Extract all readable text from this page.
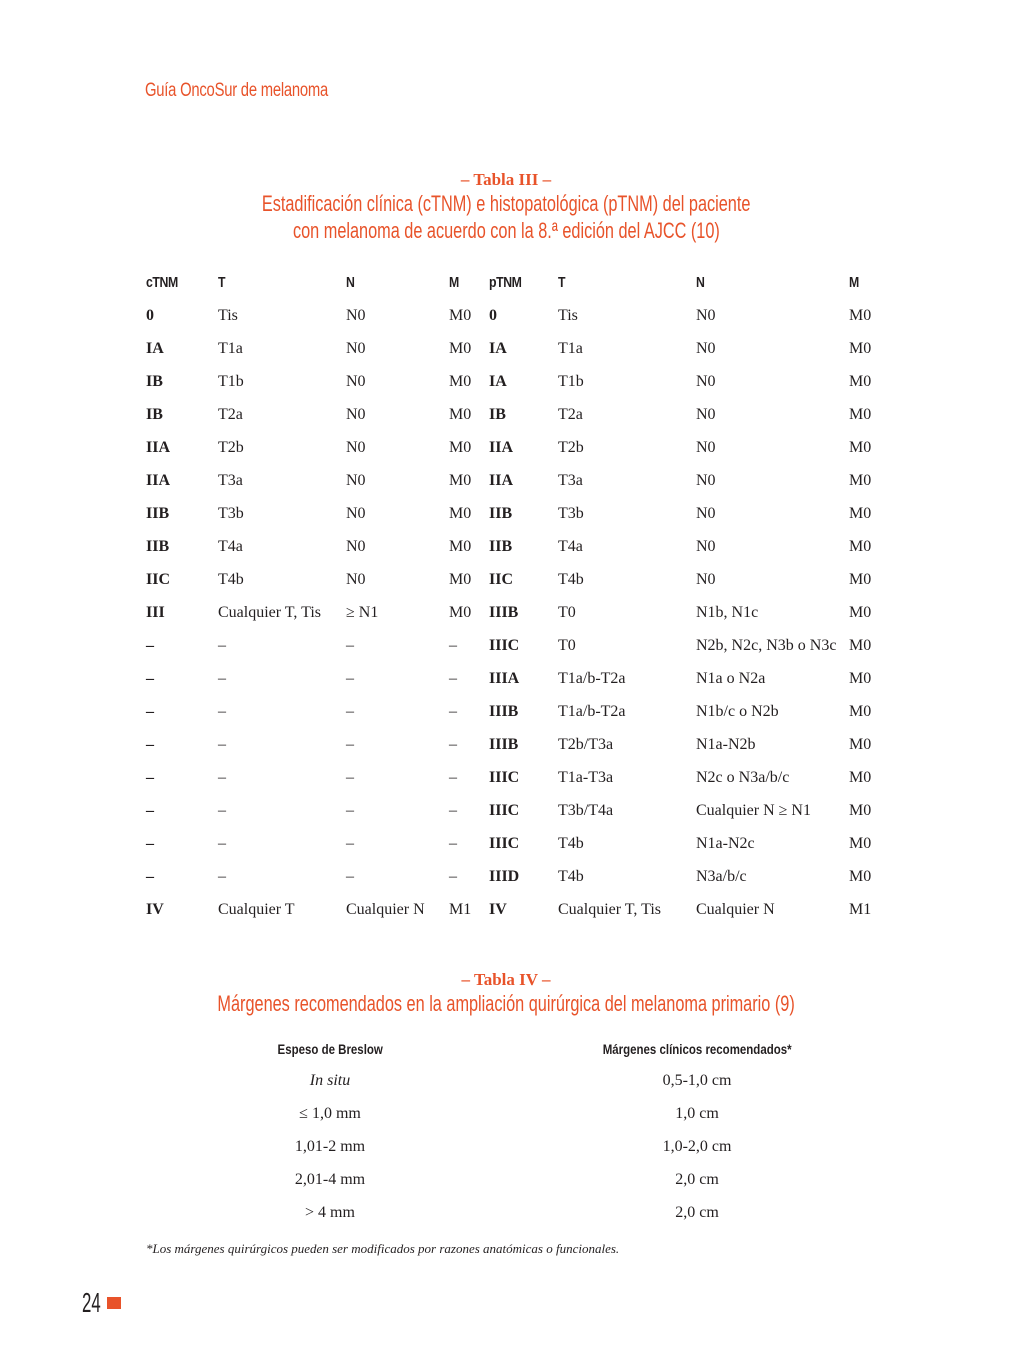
Guía OncoSur de melanoma
– Tabla III –
Estadificación clínica (cTNM) e histopatológica (pTNM) del paciente
con melanoma de acuerdo con la 8.ª edición del AJCC (10)
cTNM	T	N	M	pTNM	T	N	M
0	Tis	N0	M0	0	Tis	N0	M0
IA	T1a	N0	M0	IA	T1a	N0	M0
IB	T1b	N0	M0	IA	T1b	N0	M0
IB	T2a	N0	M0	IB	T2a	N0	M0
IIA	T2b	N0	M0	IIA	T2b	N0	M0
IIA	T3a	N0	M0	IIA	T3a	N0	M0
IIB	T3b	N0	M0	IIB	T3b	N0	M0
IIB	T4a	N0	M0	IIB	T4a	N0	M0
IIC	T4b	N0	M0	IIC	T4b	N0	M0
III	Cualquier T, Tis	≥ N1	M0	IIIB	T0	N1b, N1c	M0
–	–	–	–	IIIC	T0	N2b, N2c, N3b o N3c	M0
–	–	–	–	IIIA	T1a/b-T2a	N1a o N2a	M0
–	–	–	–	IIIB	T1a/b-T2a	N1b/c o N2b	M0
–	–	–	–	IIIB	T2b/T3a	N1a-N2b	M0
–	–	–	–	IIIC	T1a-T3a	N2c o N3a/b/c	M0
–	–	–	–	IIIC	T3b/T4a	Cualquier N ≥ N1	M0
–	–	–	–	IIIC	T4b	N1a-N2c	M0
–	–	–	–	IIID	T4b	N3a/b/c	M0
IV	Cualquier T	Cualquier N	M1	IV	Cualquier T, Tis	Cualquier N	M1
– Tabla IV –
Márgenes recomendados en la ampliación quirúrgica del melanoma primario (9)
Espeso de Breslow	Márgenes clínicos recomendados*
In situ	0,5-1,0 cm
≤ 1,0 mm	1,0 cm
1,01-2 mm	1,0-2,0 cm
2,01-4 mm	2,0 cm
> 4 mm	2,0 cm
*Los márgenes quirúrgicos pueden ser modificados por razones anatómicas o funcionales.
24
